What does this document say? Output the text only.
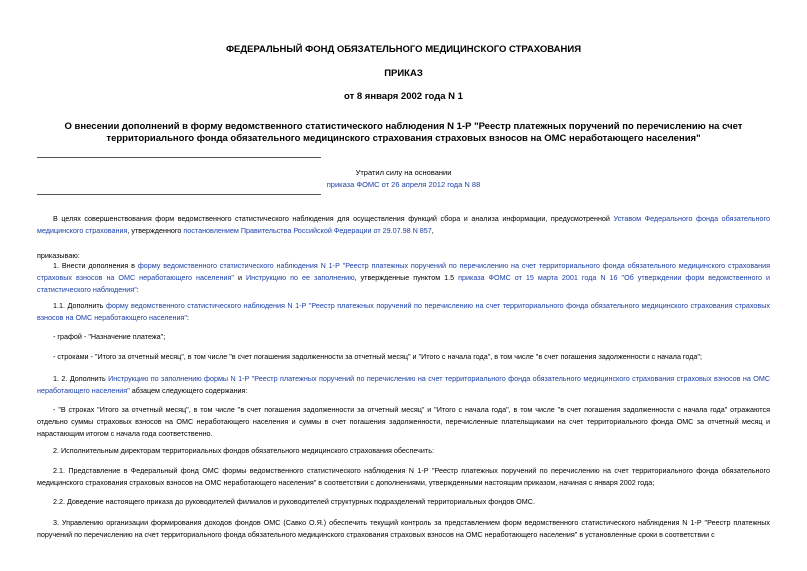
ФЕДЕРАЛЬНЫЙ ФОНД ОБЯЗАТЕЛЬНОГО МЕДИЦИНСКОГО СТРАХОВАНИЯ
ПРИКАЗ
от 8 января 2002 года N 1
О внесении дополнений в форму ведомственного статистического наблюдения N 1-Р "Реестр платежных поручений по перечислению на счет территориального фонда обязательного медицинского страхования страховых взносов на ОМС неработающего населения"
Утратил силу на основании
приказа ФОМС от 26 апреля 2012 года N 88
В целях совершенствования форм ведомственного статистического наблюдения для осуществления функций сбора и анализа информации, предусмотренной Уставом Федерального фонда обязательного медицинского страхования, утвержденного постановлением Правительства Российской Федерации от 29.07.98 N 857,
приказываю:
1. Внести дополнения в форму ведомственного статистического наблюдения N 1-Р "Реестр платежных поручений по перечислению на счет территориального фонда обязательного медицинского страхования страховых взносов на ОМС неработающего населения" и Инструкцию по ее заполнению, утвержденные пунктом 1.5 приказа ФОМС от 15 марта 2001 года N 16 "Об утверждении форм ведомственного и статистического наблюдения":
1.1. Дополнить форму ведомственного статистического наблюдения N 1-Р "Реестр платежных поручений по перечислению на счет территориального фонда обязательного медицинского страхования страховых взносов на ОМС неработающего населения":
- графой - "Назначение платежа";
- строками - "Итого за отчетный месяц", в том числе "в счет погашения задолженности за отчетный месяц" и "Итого с начала года", в том числе "в счет погашения задолженности с начала года";
1. 2. Дополнить Инструкцию по заполнению формы N 1-Р "Реестр платежных поручений по перечислению на счет территориального фонда обязательного медицинского страхования страховых взносов на ОМС неработающего населения" абзацем следующего содержания:
- "В строках "Итого за отчетный месяц", в том числе "в счет погашения задолженности за отчетный месяц" и "Итого с начала года", в том числе "в счет погашения задолженности с начала года" отражаются отдельно суммы страховых взносов на ОМС неработающего населения и суммы в счет погашения задолженности, перечисленные плательщиками на счет территориального фонда ОМС за отчетный месяц и нарастающим итогом с начала года соответственно.
2. Исполнительным директорам территориальных фондов обязательного медицинского страхования обеспечить:
2.1. Представление в Федеральный фонд ОМС формы ведомственного статистического наблюдения N 1-Р "Реестр платежных поручений по перечислению на счет территориального фонда обязательного медицинского страхования страховых взносов на ОМС неработающего населения" в соответствии с дополнениями, утвержденными настоящим приказом, начиная с января 2002 года;
2.2. Доведение настоящего приказа до руководителей филиалов и руководителей структурных подразделений территориальных фондов ОМС.
3. Управлению организации формирования доходов фондов ОМС (Савко О.Я.) обеспечить текущий контроль за представлением форм ведомственного статистического наблюдения N 1-Р "Реестр платежных поручений по перечислению на счет территориального фонда обязательного медицинского страхования страховых взносов на ОМС неработающего населения" в установленные сроки в соответствии с
